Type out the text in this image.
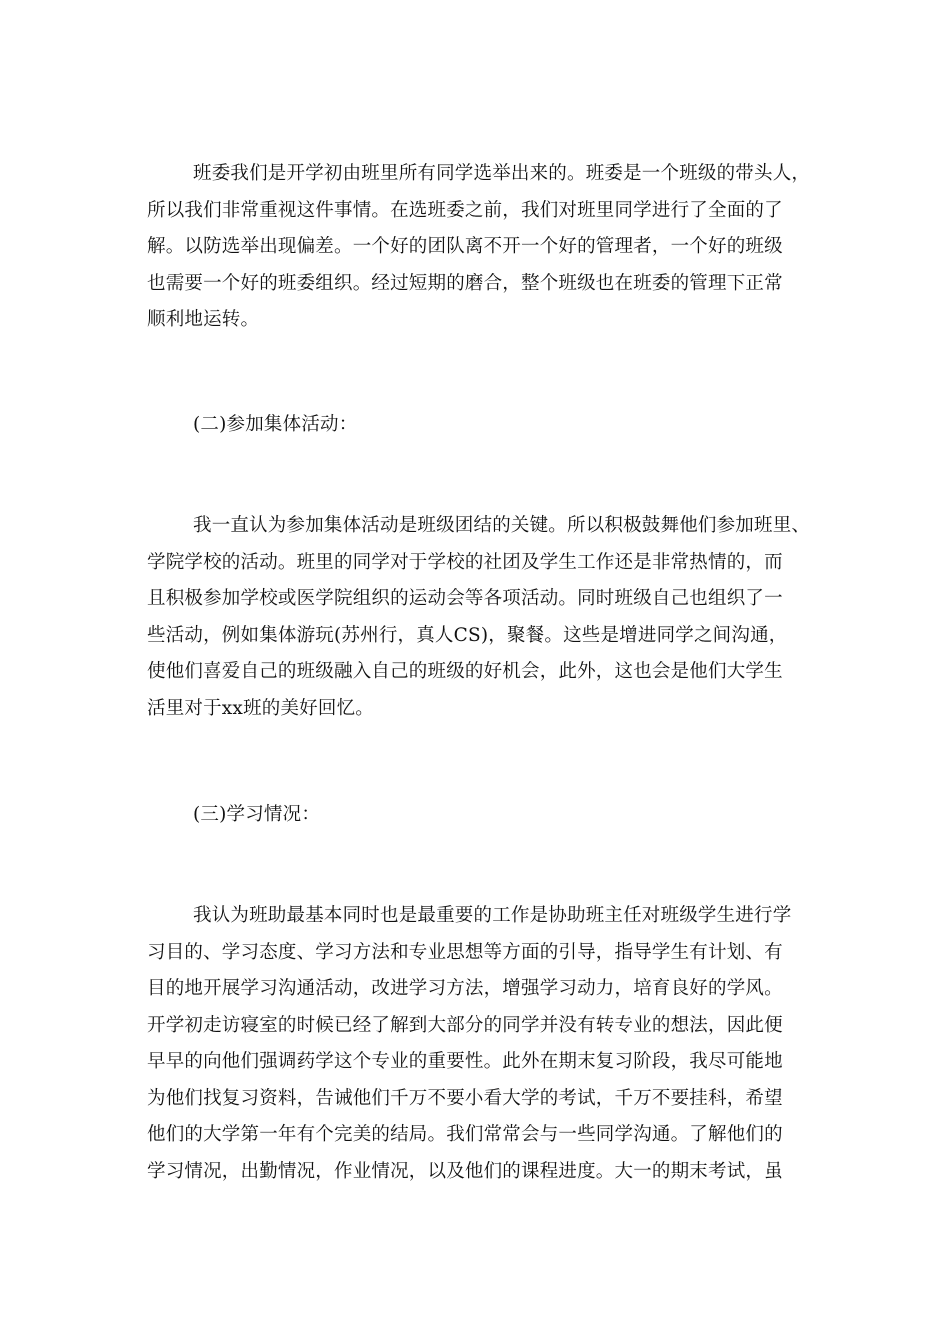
班委我们是开学初由班里所有同学选举出来的。班委是一个班级的带头人，
所以我们非常重视这件事情。在选班委之前，我们对班里同学进行了全面的了
解。以防选举出现偏差。一个好的团队离不开一个好的管理者，一个好的班级
也需要一个好的班委组织。经过短期的磨合，整个班级也在班委的管理下正常
顺利地运转。
(二)参加集体活动：
我一直认为参加集体活动是班级团结的关键。所以积极鼓舞他们参加班里、
学院学校的活动。班里的同学对于学校的社团及学生工作还是非常热情的，而
且积极参加学校或医学院组织的运动会等各项活动。同时班级自己也组织了一
些活动，例如集体游玩(苏州行，真人CS)，聚餐。这些是增进同学之间沟通，
使他们喜爱自己的班级融入自己的班级的好机会，此外，这也会是他们大学生
活里对于xx班的美好回忆。
(三)学习情况：
我认为班助最基本同时也是最重要的工作是协助班主任对班级学生进行学
习目的、学习态度、学习方法和专业思想等方面的引导，指导学生有计划、有
目的地开展学习沟通活动，改进学习方法，增强学习动力，培育良好的学风。
开学初走访寝室的时候已经了解到大部分的同学并没有转专业的想法，因此便
早早的向他们强调药学这个专业的重要性。此外在期末复习阶段，我尽可能地
为他们找复习资料，告诫他们千万不要小看大学的考试，千万不要挂科，希望
他们的大学第一年有个完美的结局。我们常常会与一些同学沟通。了解他们的
学习情况，出勤情况，作业情况，以及他们的课程进度。大一的期末考试，虽
